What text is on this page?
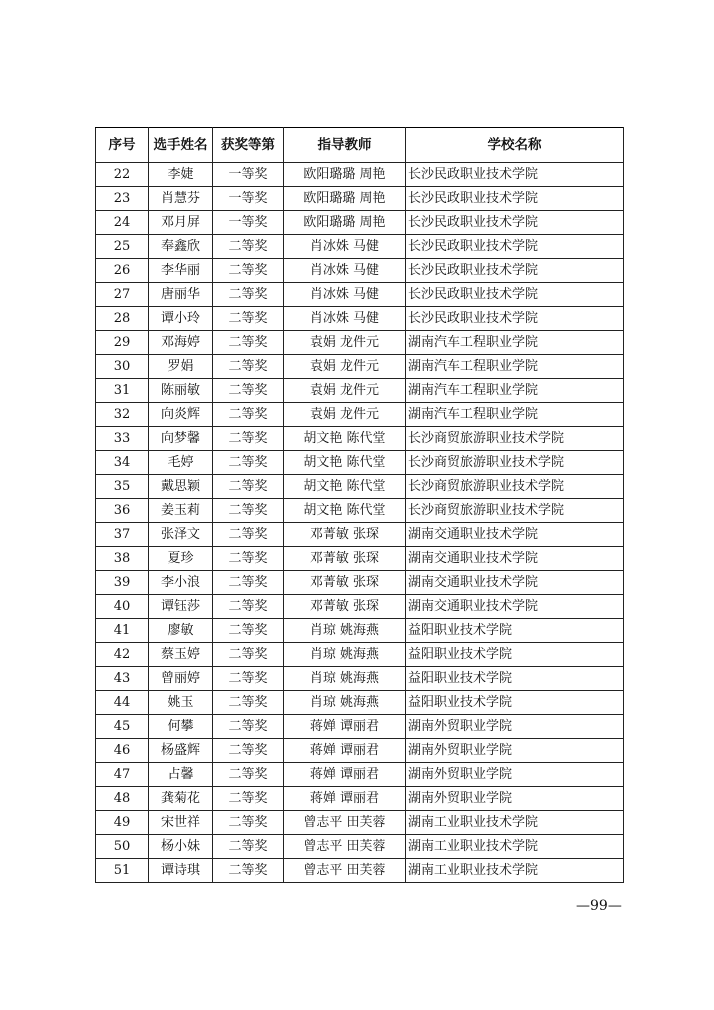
序号	选手姓名	获奖等第	指导教师	学校名称
22	李婕	一等奖	欧阳璐璐 周艳	长沙民政职业技术学院
23	肖慧芬	一等奖	欧阳璐璐 周艳	长沙民政职业技术学院
24	邓月屏	一等奖	欧阳璐璐 周艳	长沙民政职业技术学院
25	奉鑫欣	二等奖	肖冰姝 马健	长沙民政职业技术学院
26	李华丽	二等奖	肖冰姝 马健	长沙民政职业技术学院
27	唐丽华	二等奖	肖冰姝 马健	长沙民政职业技术学院
28	谭小玲	二等奖	肖冰姝 马健	长沙民政职业技术学院
29	邓海婷	二等奖	袁娟 龙件元	湖南汽车工程职业学院
30	罗娟	二等奖	袁娟 龙件元	湖南汽车工程职业学院
31	陈丽敏	二等奖	袁娟 龙件元	湖南汽车工程职业学院
32	向炎辉	二等奖	袁娟 龙件元	湖南汽车工程职业学院
33	向梦馨	二等奖	胡文艳 陈代堂	长沙商贸旅游职业技术学院
34	毛婷	二等奖	胡文艳 陈代堂	长沙商贸旅游职业技术学院
35	戴思颖	二等奖	胡文艳 陈代堂	长沙商贸旅游职业技术学院
36	姜玉莉	二等奖	胡文艳 陈代堂	长沙商贸旅游职业技术学院
37	张泽文	二等奖	邓菁敏 张琛	湖南交通职业技术学院
38	夏珍	二等奖	邓菁敏 张琛	湖南交通职业技术学院
39	李小浪	二等奖	邓菁敏 张琛	湖南交通职业技术学院
40	谭钰莎	二等奖	邓菁敏 张琛	湖南交通职业技术学院
41	廖敏	二等奖	肖琼 姚海燕	益阳职业技术学院
42	蔡玉婷	二等奖	肖琼 姚海燕	益阳职业技术学院
43	曾丽婷	二等奖	肖琼 姚海燕	益阳职业技术学院
44	姚玉	二等奖	肖琼 姚海燕	益阳职业技术学院
45	何攀	二等奖	蒋婵 谭丽君	湖南外贸职业学院
46	杨盛辉	二等奖	蒋婵 谭丽君	湖南外贸职业学院
47	占馨	二等奖	蒋婵 谭丽君	湖南外贸职业学院
48	龚菊花	二等奖	蒋婵 谭丽君	湖南外贸职业学院
49	宋世祥	二等奖	曾志平 田芙蓉	湖南工业职业技术学院
50	杨小妹	二等奖	曾志平 田芙蓉	湖南工业职业技术学院
51	谭诗琪	二等奖	曾志平 田芙蓉	湖南工业职业技术学院
—99—
